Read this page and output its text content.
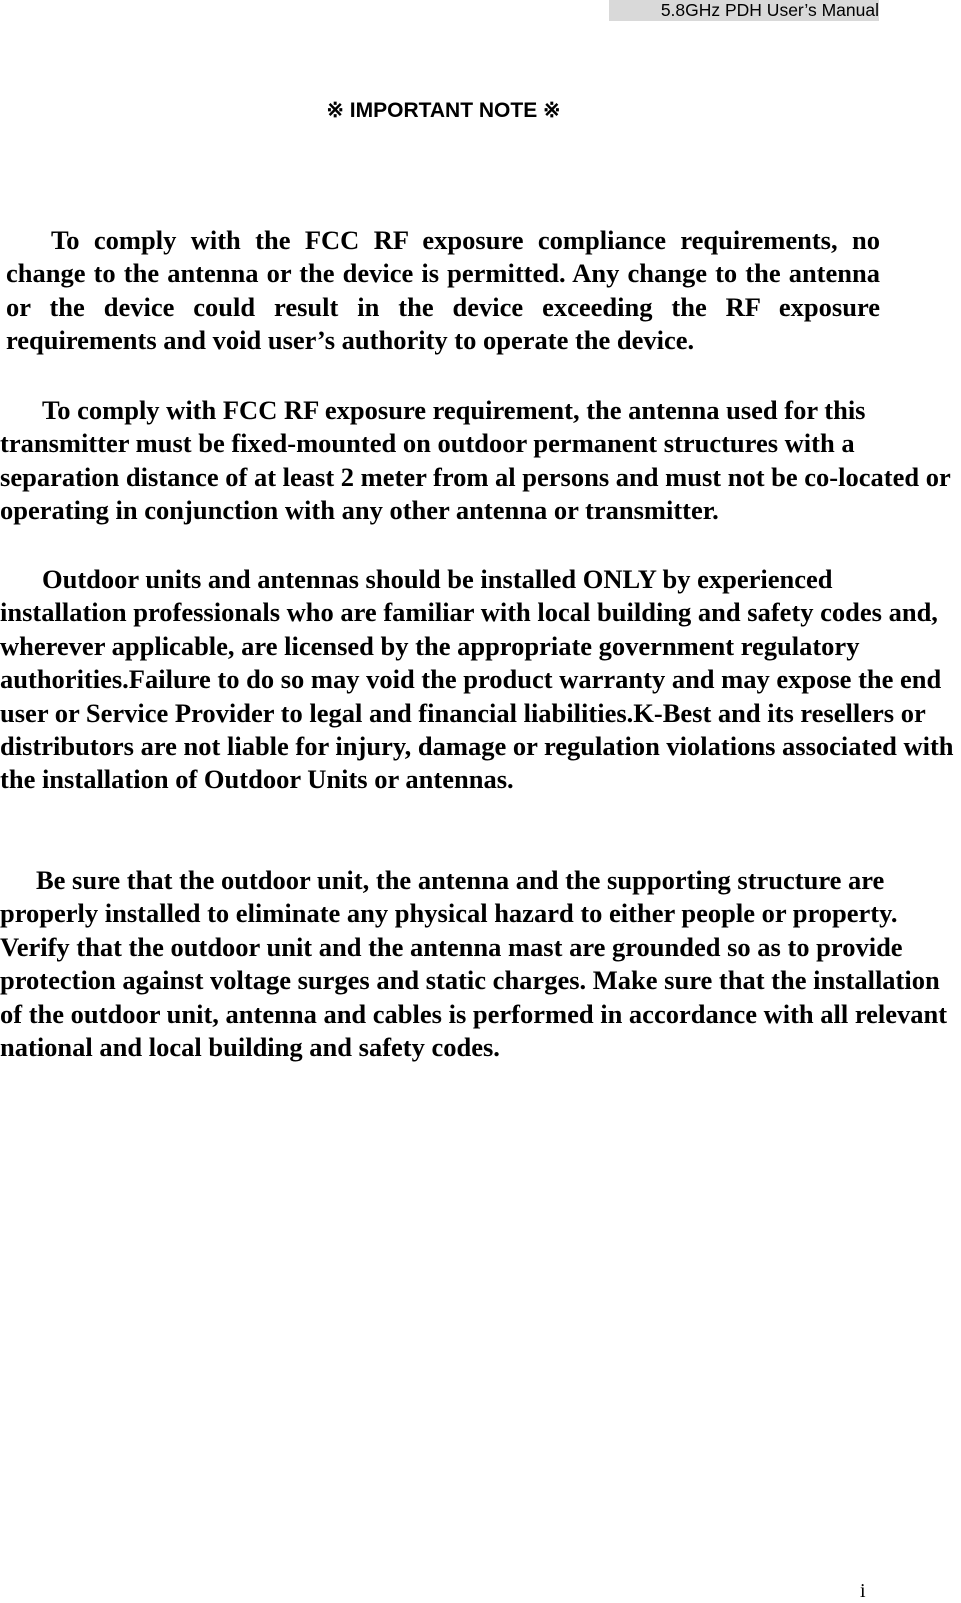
5.8GHz PDH User’s Manual
※ IMPORTANT NOTE ※

To comply with the FCC RF exposure compliance requirements, no change to the antenna or the device is permitted. Any change to the antenna or the device could result in the device exceeding the RF exposure requirements and void user’s authority to operate the device.

To comply with FCC RF exposure requirement, the antenna used for this transmitter must be fixed-mounted on outdoor permanent structures with a separation distance of at least 2 meter from al persons and must not be co-located or operating in conjunction with any other antenna or transmitter.

Outdoor units and antennas should be installed ONLY by experienced installation professionals who are familiar with local building and safety codes and, wherever applicable, are licensed by the appropriate government regulatory authorities.Failure to do so may void the product warranty and may expose the end user or Service Provider to legal and financial liabilities.K-Best and its resellers or distributors are not liable for injury, damage or regulation violations associated with the installation of Outdoor Units or antennas.

Be sure that the outdoor unit, the antenna and the supporting structure are properly installed to eliminate any physical hazard to either people or property. Verify that the outdoor unit and the antenna mast are grounded so as to provide protection against voltage surges and static charges. Make sure that the installation of the outdoor unit, antenna and cables is performed in accordance with all relevant national and local building and safety codes.

i
